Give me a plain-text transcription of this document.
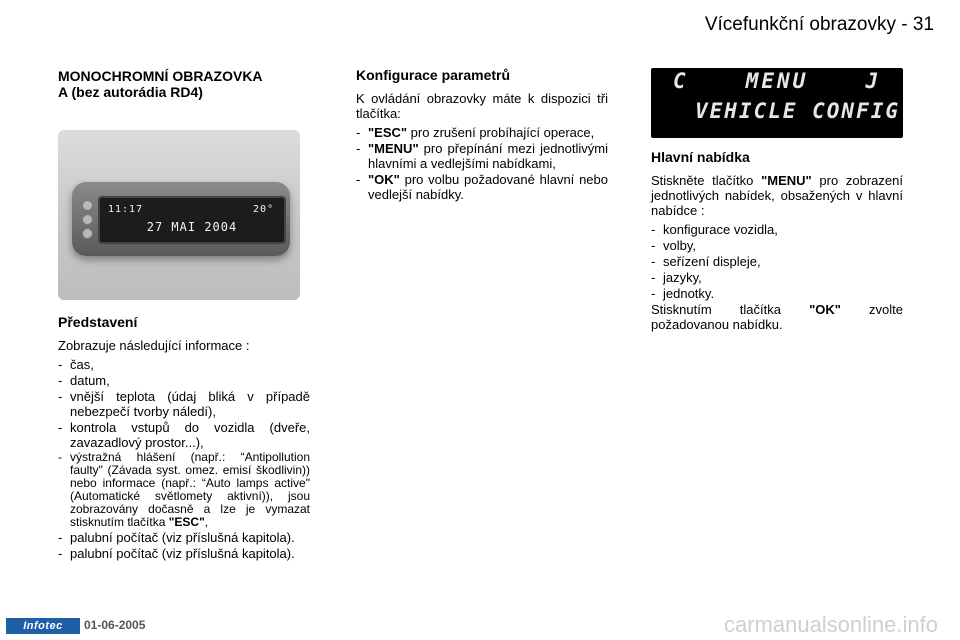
Vícefunkční obrazovky - 31
MONOCHROMNÍ OBRAZOVKA
A (bez autorádia RD4)
11:17	20°
27 MAI 2004
Představení

Zobrazuje následující informace :

- čas,
- datum,
- vnější teplota (údaj bliká v případě nebezpečí tvorby náledí),
- kontrola vstupů do vozidla (dveře, zavazadlový prostor...),
- výstražná hlášení (např.: “Antipollution faulty" (Závada syst. omez. emisí škodlivin)) nebo informace (např.: “Auto lamps active" (Automatické světlomety aktivní)), jsou zobrazovány dočasně a lze je vymazat stisknutím tlačítka "ESC",
- palubní počítač (viz příslušná kapitola).
- palubní počítač (viz příslušná kapitola).
Konfigurace parametrů

K ovládání obrazovky máte k dispozici tři tlačítka:

- "ESC" pro zrušení probíhající operace,
- "MENU" pro přepínání mezi jednotlivými hlavními a vedlejšími nabídkami,
- "OK" pro volbu požadované hlavní nebo vedlejší nabídky.
C	MENU	J
VEHICLE CONFIG
Hlavní nabídka

Stiskněte tlačítko "MENU" pro zobrazení jednotlivých nabídek, obsažených v hlavní nabídce :

- konfigurace vozidla,
- volby,
- seřízení displeje,
- jazyky,
- jednotky.

Stisknutím tlačítka "OK" zvolte požadovanou nabídku.

Infotec	01-06-2005	carmanualsonline.info
